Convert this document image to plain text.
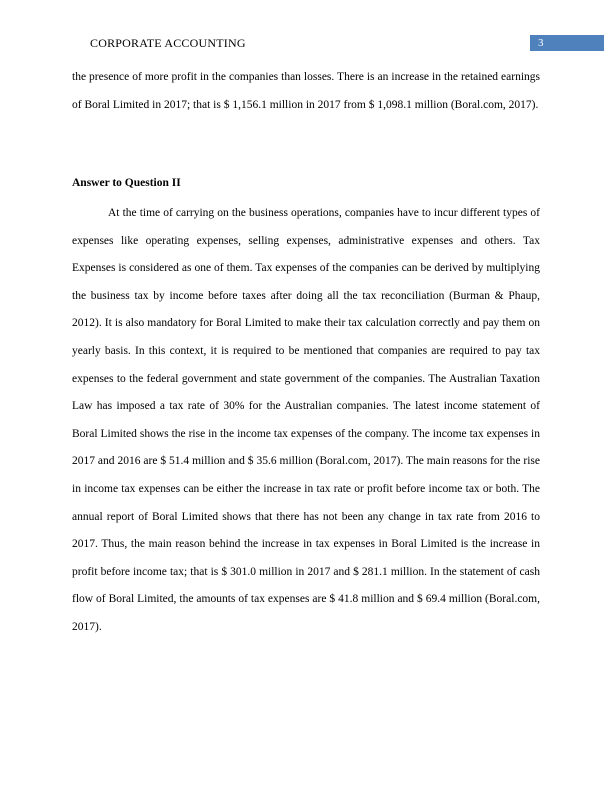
CORPORATE ACCOUNTING	3

the presence of more profit in the companies than losses. There is an increase in the retained earnings of Boral Limited in 2017; that is $ 1,156.1 million in 2017 from $ 1,098.1 million (Boral.com, 2017).

Answer to Question II

At the time of carrying on the business operations, companies have to incur different types of expenses like operating expenses, selling expenses, administrative expenses and others. Tax Expenses is considered as one of them. Tax expenses of the companies can be derived by multiplying the business tax by income before taxes after doing all the tax reconciliation (Burman & Phaup, 2012). It is also mandatory for Boral Limited to make their tax calculation correctly and pay them on yearly basis. In this context, it is required to be mentioned that companies are required to pay tax expenses to the federal government and state government of the companies. The Australian Taxation Law has imposed a tax rate of 30% for the Australian companies. The latest income statement of Boral Limited shows the rise in the income tax expenses of the company. The income tax expenses in 2017 and 2016 are $ 51.4 million and $ 35.6 million (Boral.com, 2017). The main reasons for the rise in income tax expenses can be either the increase in tax rate or profit before income tax or both. The annual report of Boral Limited shows that there has not been any change in tax rate from 2016 to 2017. Thus, the main reason behind the increase in tax expenses in Boral Limited is the increase in profit before income tax; that is $ 301.0 million in 2017 and $ 281.1 million. In the statement of cash flow of Boral Limited, the amounts of tax expenses are $ 41.8 million and $ 69.4 million (Boral.com, 2017).
